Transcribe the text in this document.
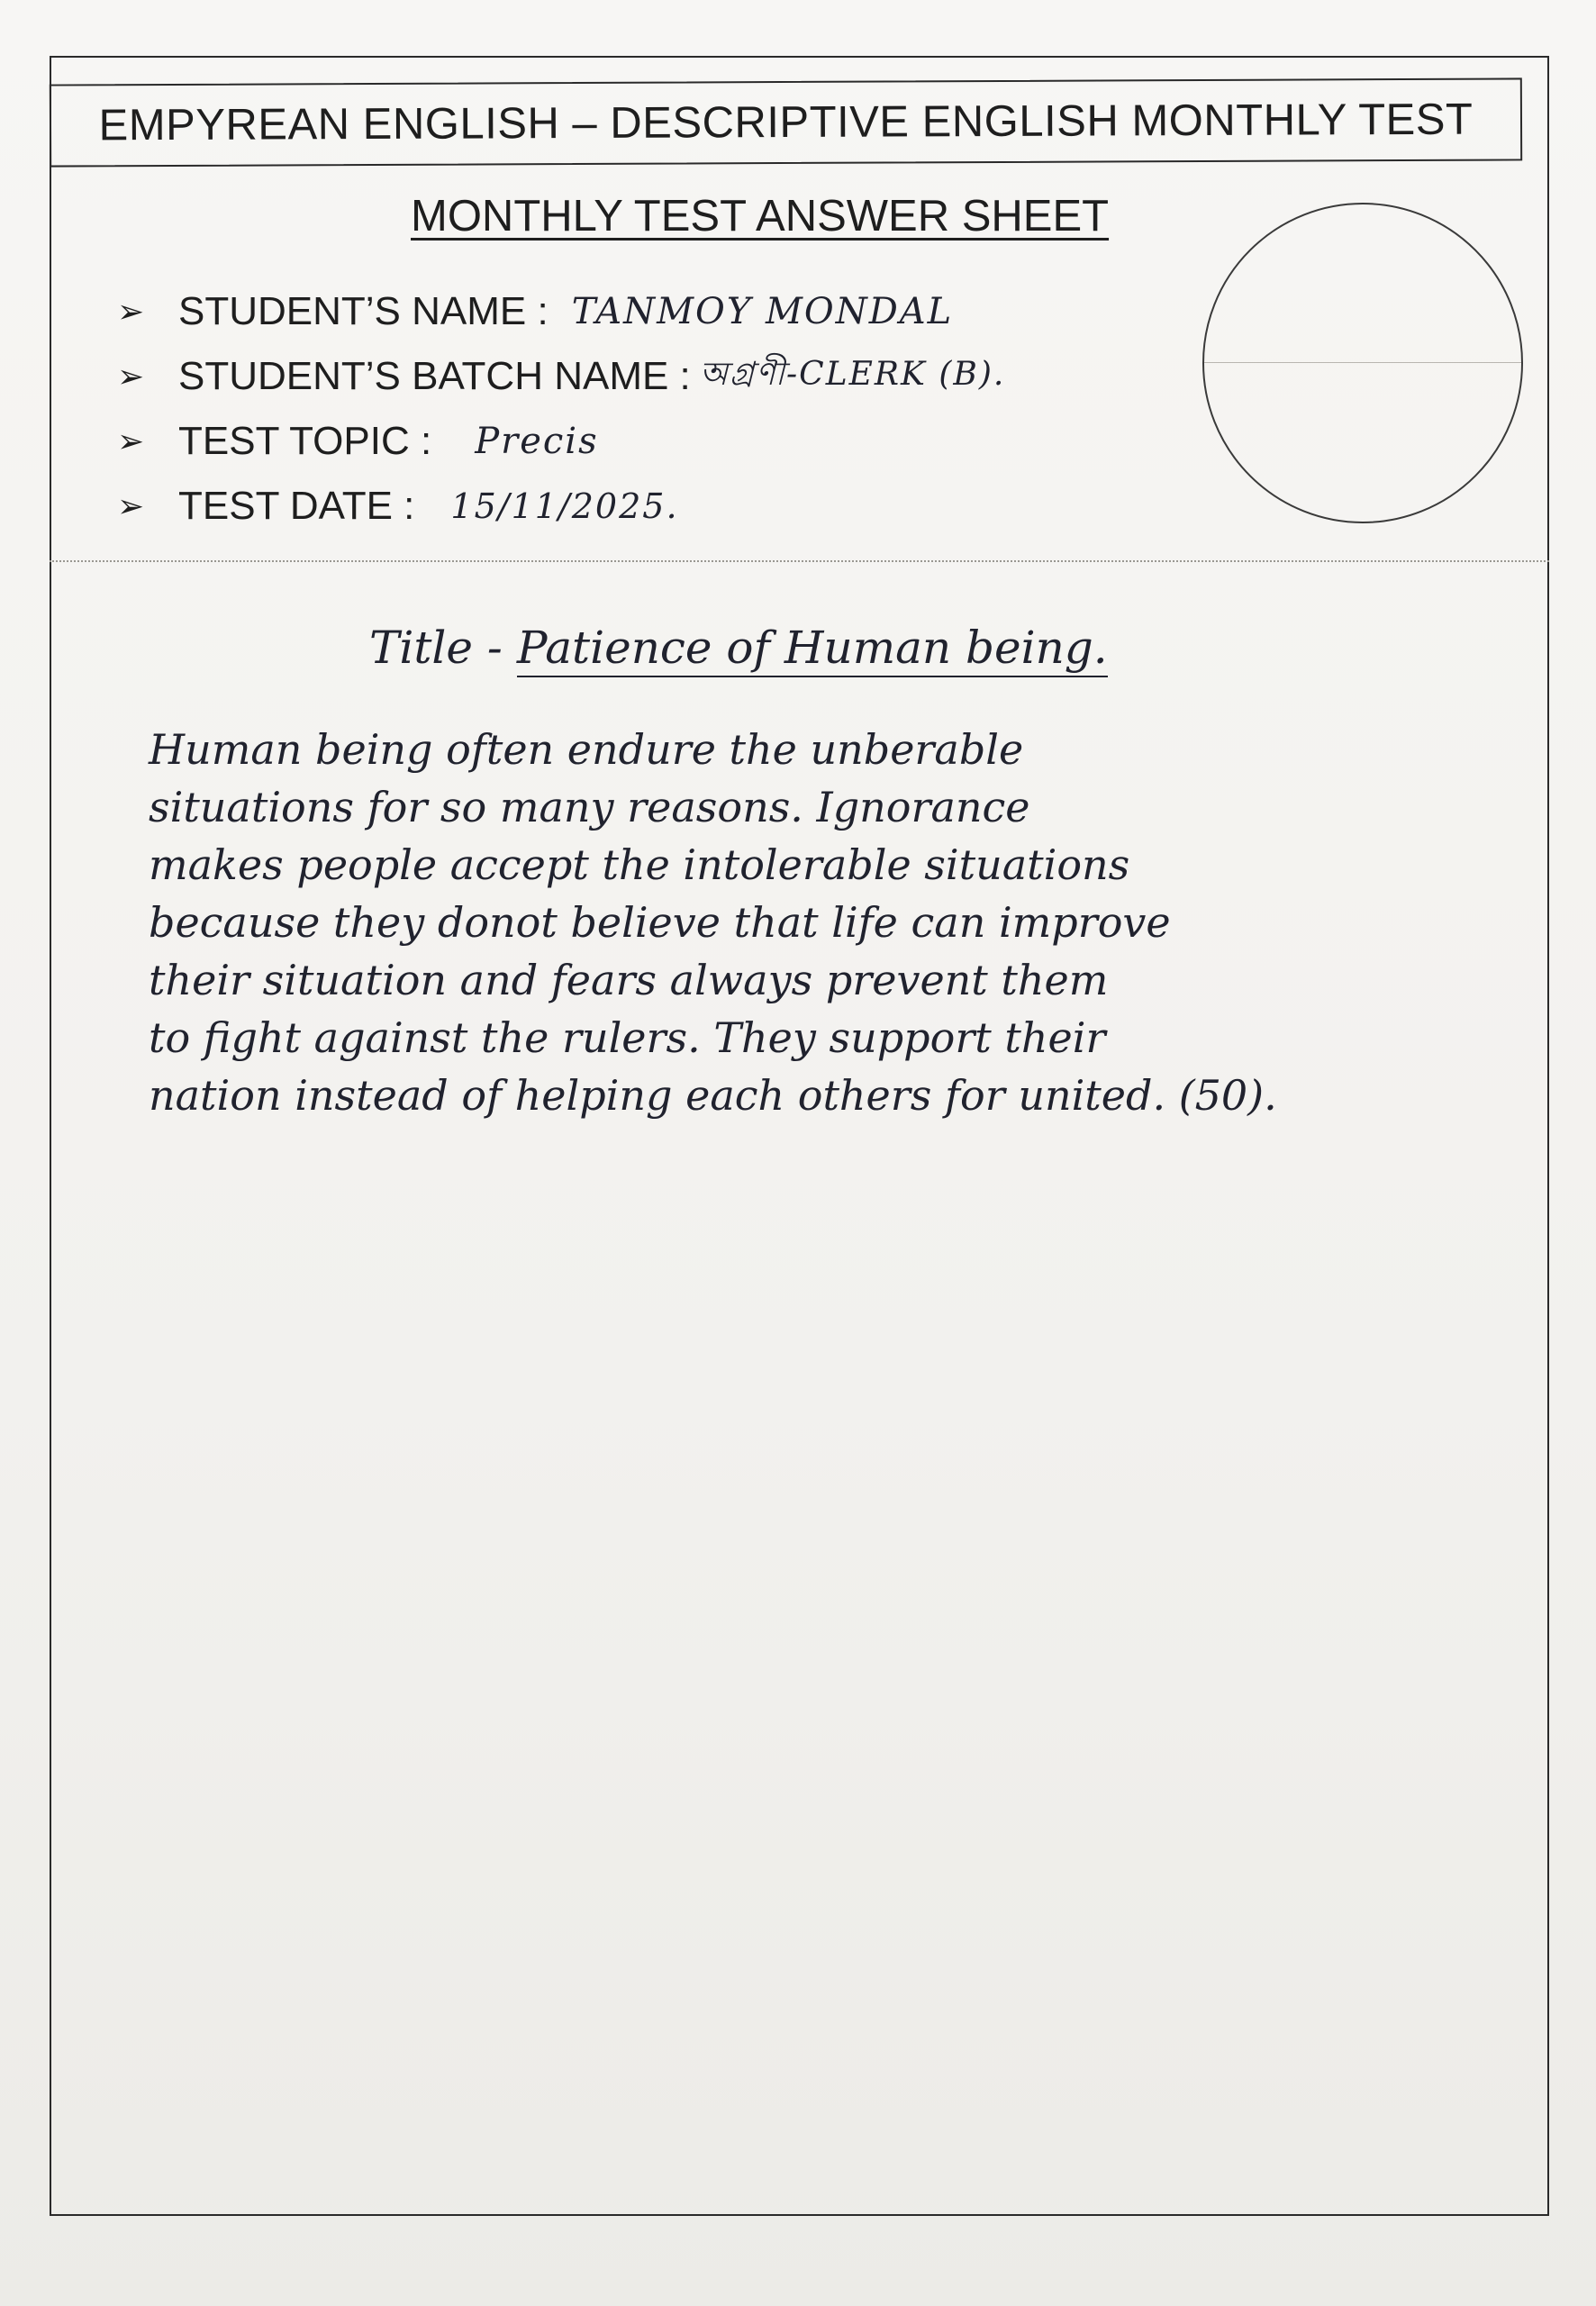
EMPYREAN ENGLISH – DESCRIPTIVE ENGLISH MONTHLY TEST
MONTHLY TEST ANSWER SHEET
➢ STUDENT’S NAME : TANMOY MONDAL
➢ STUDENT’S BATCH NAME : অগ্রণী-CLERK (B).
➢ TEST TOPIC : Precis
➢ TEST DATE : 15/11/2025.
Title - Patience of Human being.
Human being often endure the unberable
situations for so many reasons. Ignorance
makes people accept the intolerable situations
because they donot believe that life can improve
their situation and fears always prevent them
to fight against the rulers. They support their
nation instead of helping each others for united. (50).
